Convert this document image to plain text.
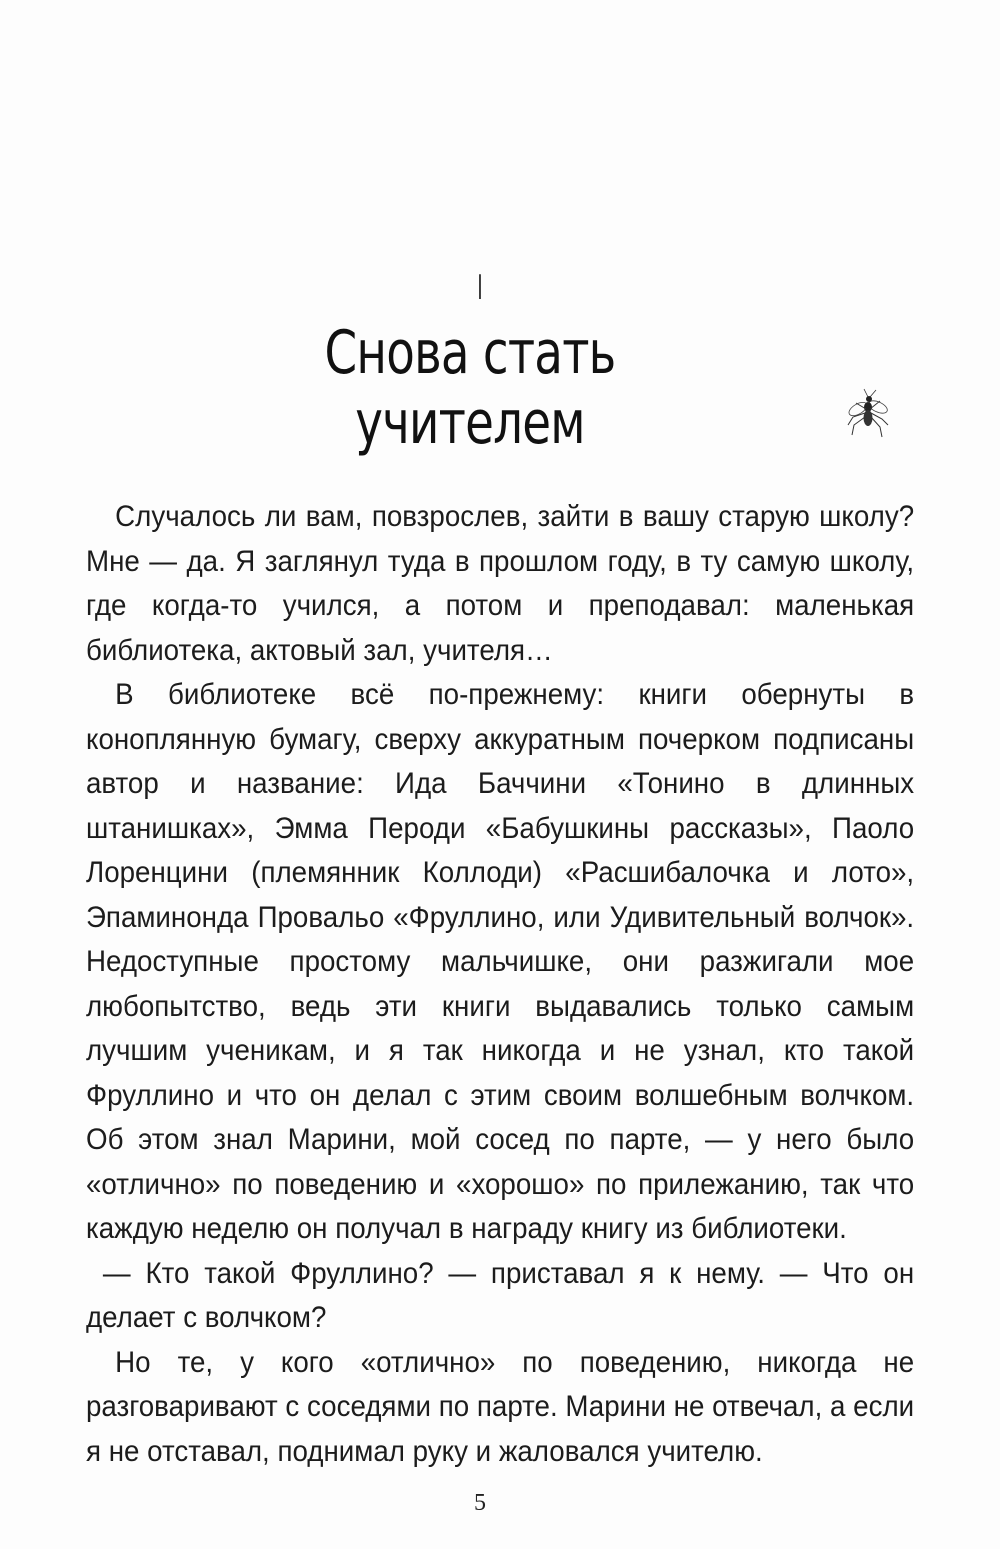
I
Снова стать учителем

Случалось ли вам, повзрослев, зайти в вашу старую школу? Мне — да. Я заглянул туда в прошлом году, в ту самую школу, где когда-то учился, а потом и преподавал: маленькая библиотека, актовый зал, учителя…

В библиотеке всё по-прежнему: книги обернуты в коноплянную бумагу, сверху аккуратным почерком подписаны автор и название: Ида Баччини «Тонино в длинных штанишках», Эмма Пероди «Бабушкины рассказы», Паоло Лоренцини (племянник Коллоди) «Расшибалочка и лото», Эпаминонда Провальо «Фруллино, или Удивительный волчок». Недоступные простому мальчишке, они разжигали мое любопытство, ведь эти книги выдавались только самым лучшим ученикам, и я так никогда и не узнал, кто такой Фруллино и что он делал с этим своим волшебным волчком. Об этом знал Марини, мой сосед по парте, — у него было «отлично» по поведению и «хорошо» по прилежанию, так что каждую неделю он получал в награду книгу из библиотеки.

— Кто такой Фруллино? — приставал я к нему. — Что он делает с волчком?

Но те, у кого «отлично» по поведению, никогда не разговаривают с соседями по парте. Марини не отвечал, а если я не отставал, поднимал руку и жаловался учителю.

5
